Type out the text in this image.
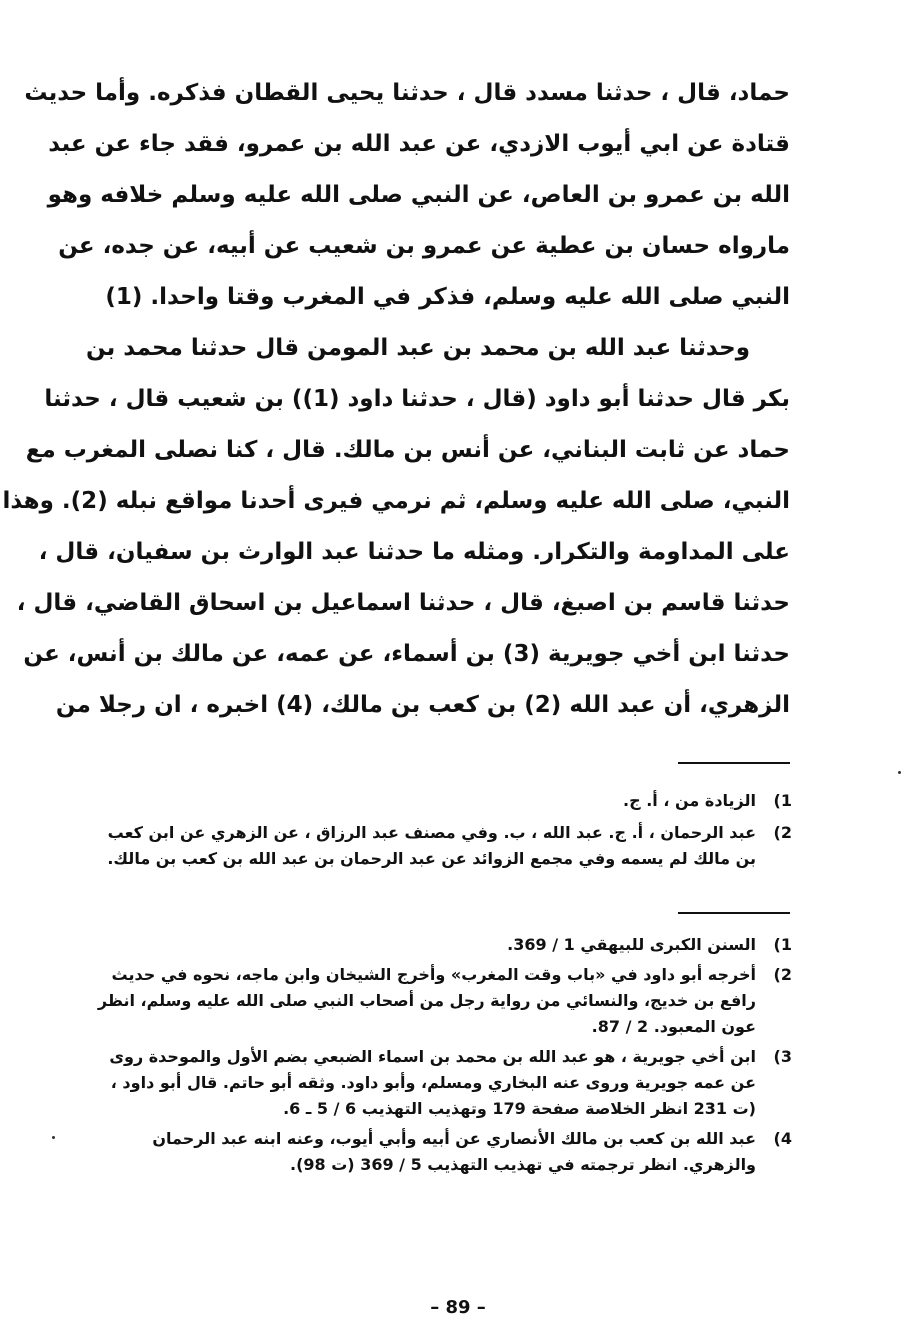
حماد، قال ، حدثنا مسدد قال ، حدثنا يحيى القطان فذكره. وأما حديث
قتادة عن ابي أيوب الازدي، عن عبد الله بن عمرو، فقد جاء عن عبد
الله بن عمرو بن العاص، عن النبي صلى الله عليه وسلم خلافه وهو
ماروا‌ه حسان بن عطية عن عمرو بن شعيب عن أبيه، عن جده، عن
النبي صلى الله عليه وسلم، فذكر في المغرب وقتا واحدا. (1)
وحدثنا عبد الله بن محمد بن عبد المومن قال حدثنا محمد بن
بكر قال حدثنا أبو داود (قال ، حدثنا داود (1)) بن شعيب قال ، حدثنا
حماد عن ثابت البناني، عن أنس بن مالك. قال ، كنا نصلى المغرب مع
النبي، صلى الله عليه وسلم، ثم نرمي فيرى أحدنا مواقع نبله (2). وهذا
على المداومة والتكرار. ومثله ما حدثنا عبد الوارث بن سفيان، قال ،
حدثنا قاسم بن اصبغ، قال ، حدثنا اسماعيل بن اسحاق القاضي، قال ،
حدثنا ابن أخي جويرية (3) بن أسماء، عن عمه، عن مالك بن أنس، عن
الزهري، أن عبد الله (2) بن كعب بن مالك، (4) اخبره ، ان رجلا من
1)
الزيادة من ، أ. ج.
2)
عبد الرحمان ، أ. ج. عبد الله ، ب. وفي مصنف عبد الرزاق ، عن الزهري عن ابن كعب
بن مالك لم يسمه وفي مجمع الزوائد عن عبد الرحمان بن عبد الله بن كعب بن مالك.
1)
السنن الكبرى للبيهقي 1 / 369.
2)
أخرجه أبو داود في «باب وقت المغرب» وأخرج الشيخان وابن ماجه، نحوه في حديث
رافع بن خديج، والنسائي من رواية رجل من أصحاب النبي صلى الله عليه وسلم، انظر
عون المعبود. 2 / 87.
3)
ابن أخي جويرية ، هو عبد الله بن محمد بن اسماء الضبعي بضم الأول والموحدة روى
عن عمه جويرية وروى عنه البخاري ومسلم، وأبو داود. وثقه أبو حاتم. قال أبو داود ،
(ت 231 انظر الخلاصة صفحة 179 وتهذيب التهذيب 6 / 5 ـ 6.
4)
عبد الله بن كعب بن مالك الأنصاري عن أبيه وأبي أيوب، وعنه ابنه عبد الرحمان
والزهري. انظر ترجمته في تهذيب التهذيب 5 / 369 (ت 98).
– 89 –
